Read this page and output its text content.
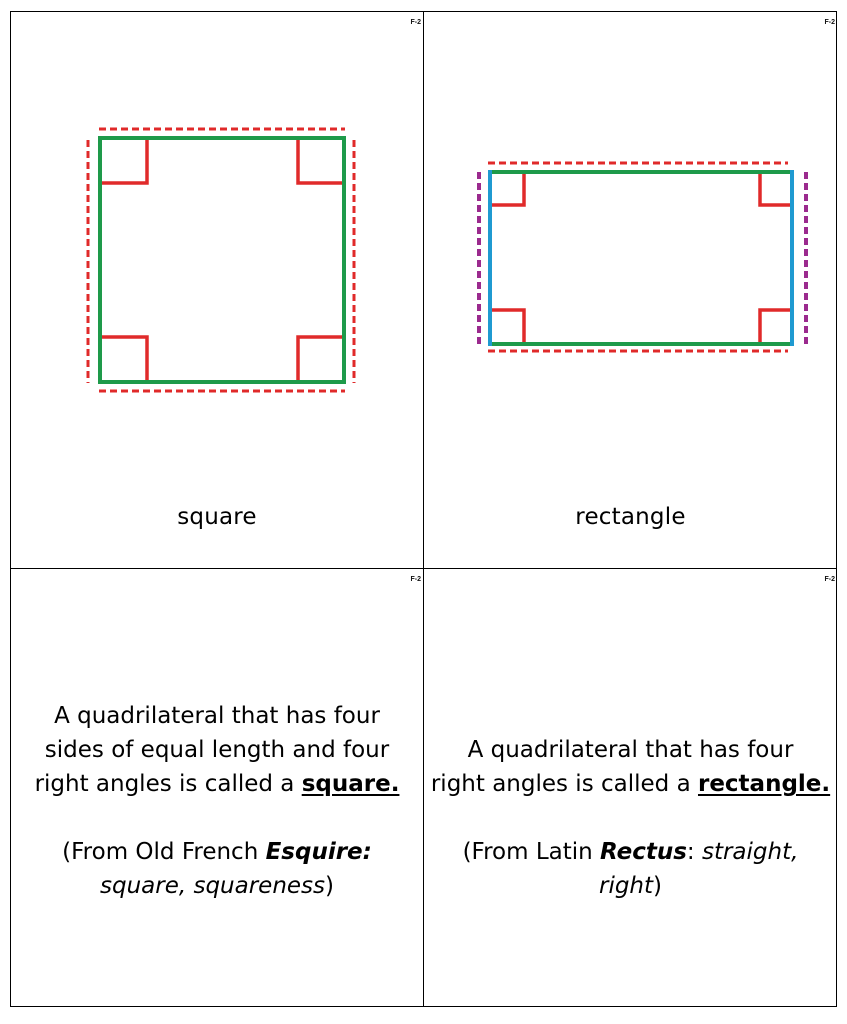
F-2
square
F-2
rectangle
F-2
A quadrilateral that has four
sides of equal length and four
right angles is called a square.
(From Old French Esquire:
square, squareness)
F-2
A quadrilateral that has four
right angles is called a rectangle.
(From Latin Rectus: straight,
right)
